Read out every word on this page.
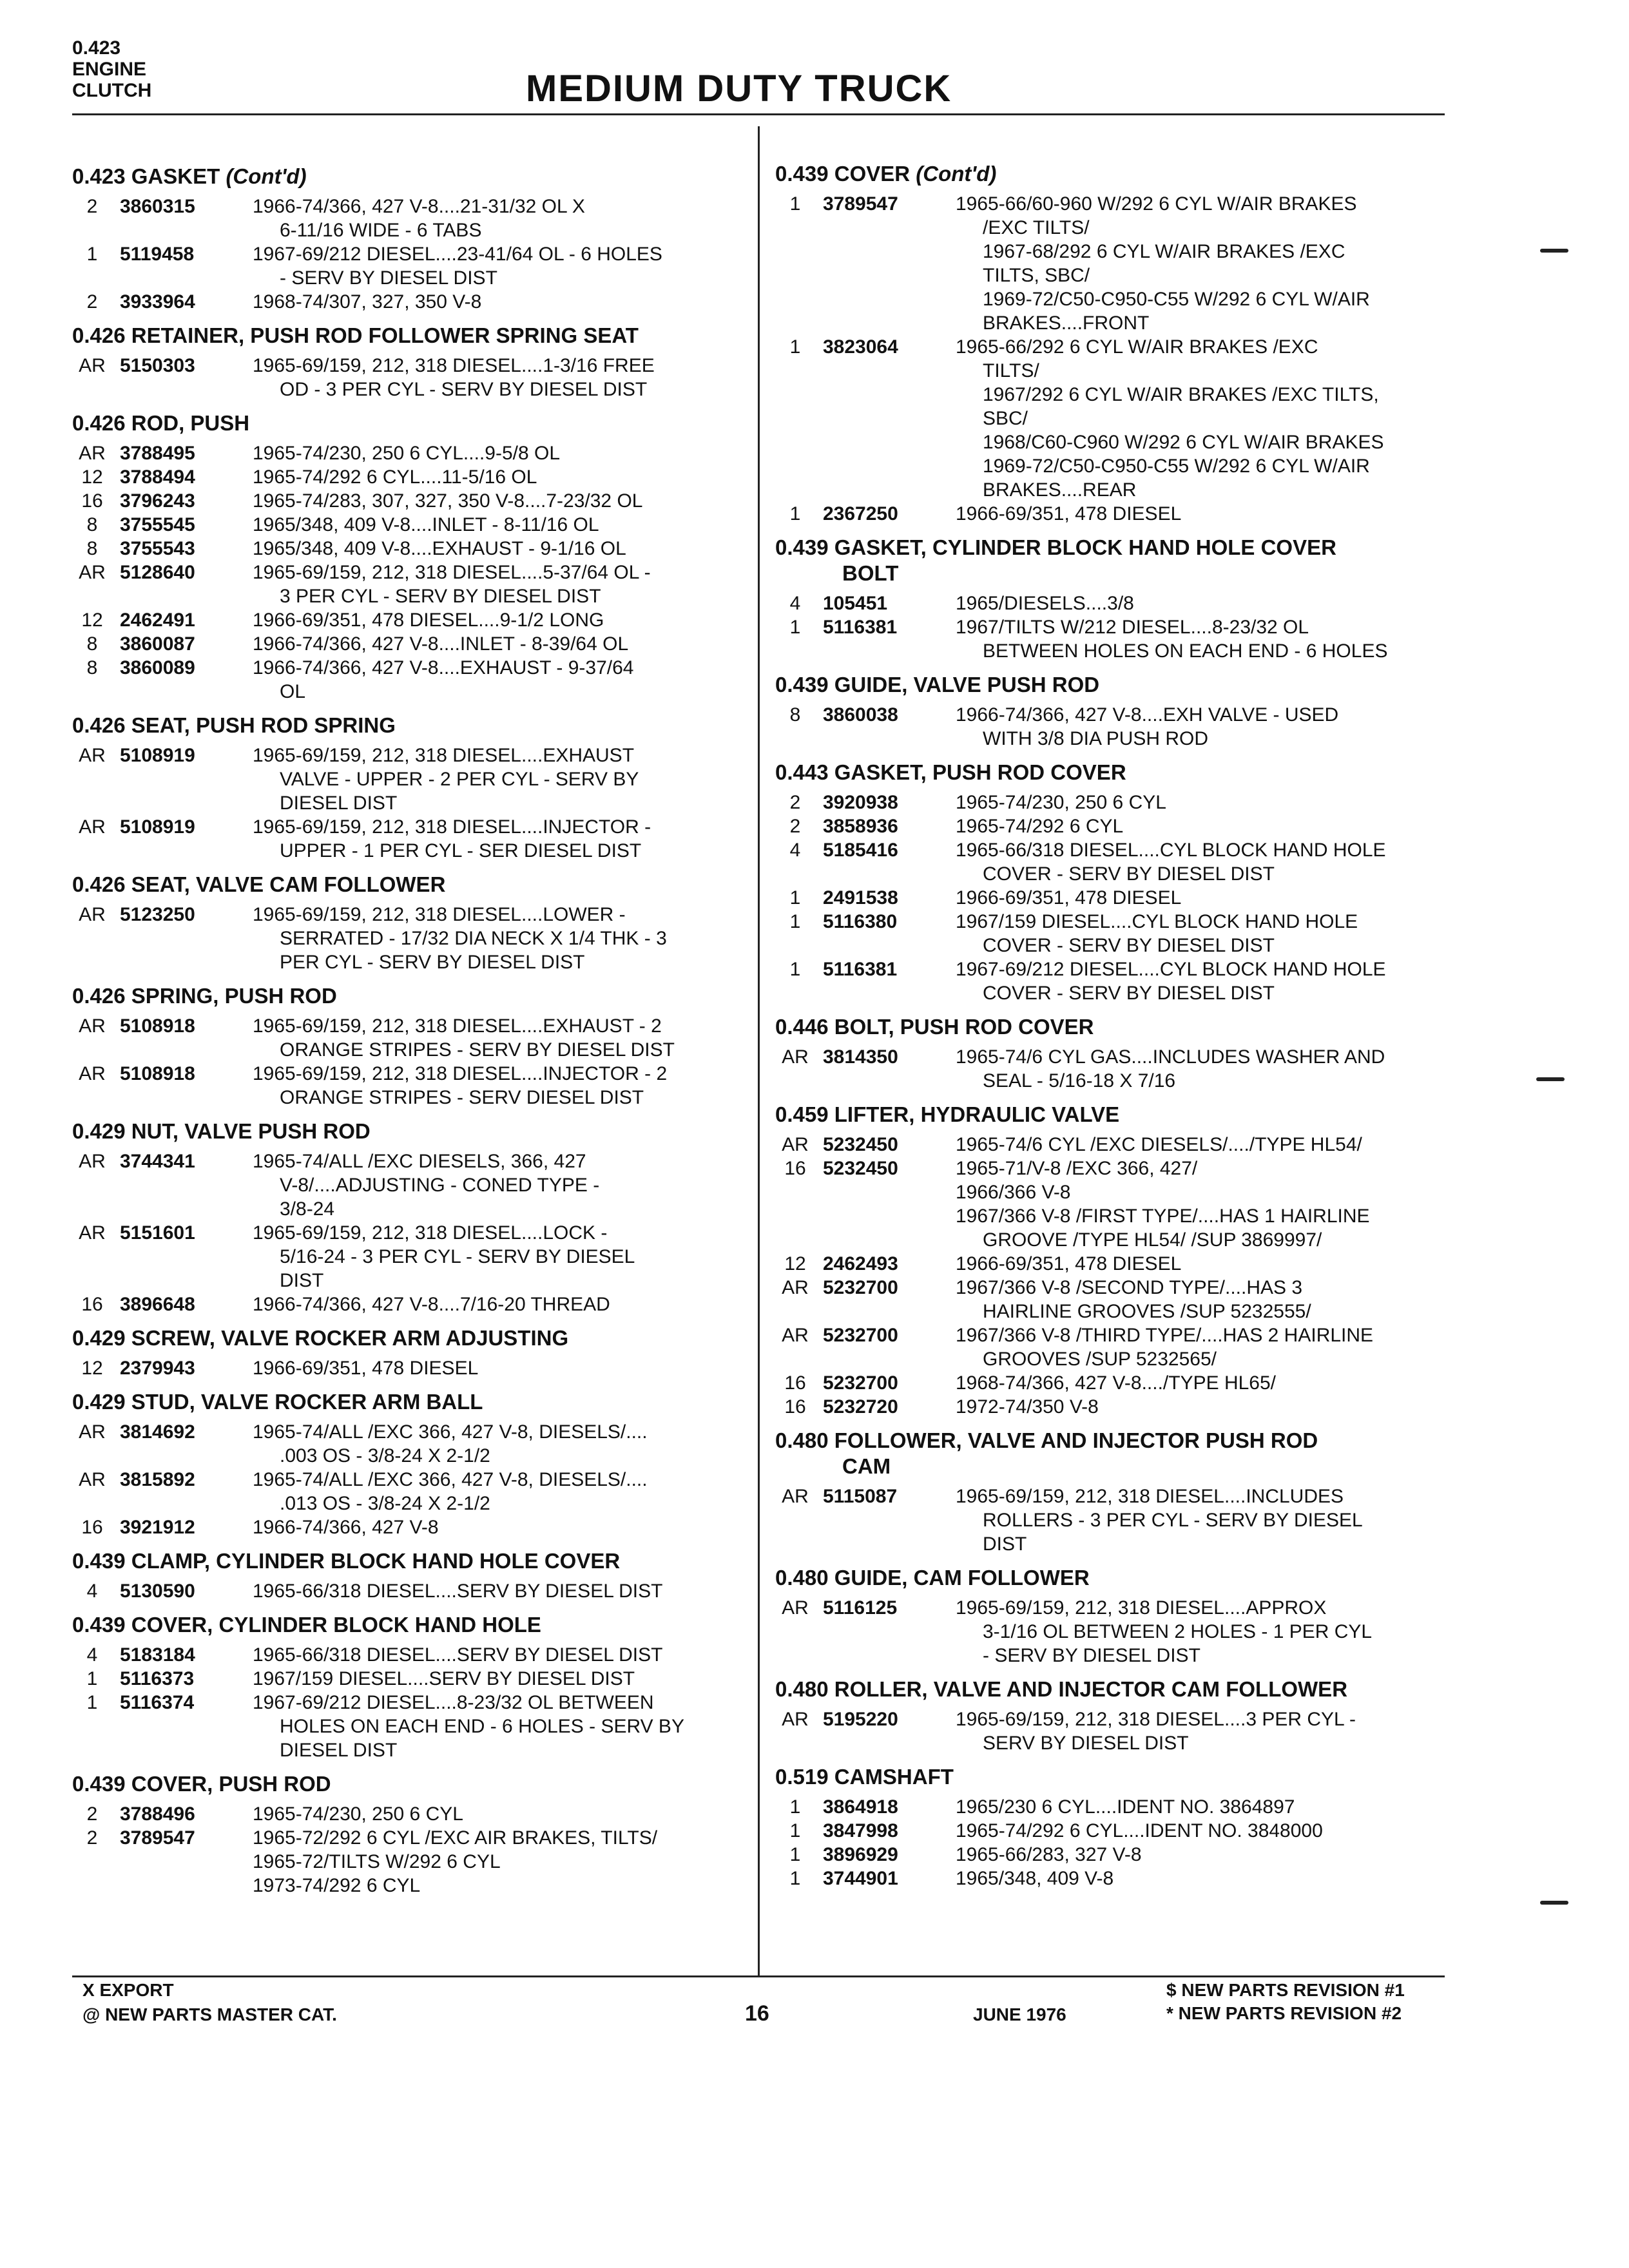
0.423
ENGINE
CLUTCH	MEDIUM DUTY TRUCK
0.423 GASKET (Cont'd)
2	3860315	1966-74/366, 427 V-8....21-31/32 OL X
6-11/16 WIDE - 6 TABS
1	5119458	1967-69/212 DIESEL....23-41/64 OL - 6 HOLES
- SERV BY DIESEL DIST
2	3933964	1968-74/307, 327, 350 V-8
0.426 RETAINER, PUSH ROD FOLLOWER SPRING SEAT
AR 5150303	1965-69/159, 212, 318 DIESEL....1-3/16 FREE
OD - 3 PER CYL - SERV BY DIESEL DIST
0.426 ROD, PUSH
AR 3788495	1965-74/230, 250 6 CYL....9-5/8 OL
12 3788494	1965-74/292 6 CYL....11-5/16 OL
16 3796243	1965-74/283, 307, 327, 350 V-8....7-23/32 OL
8	3755545	1965/348, 409 V-8....INLET - 8-11/16 OL
8	3755543	1965/348, 409 V-8....EXHAUST - 9-1/16 OL
AR 5128640	1965-69/159, 212, 318 DIESEL....5-37/64 OL -
3 PER CYL - SERV BY DIESEL DIST
12 2462491	1966-69/351, 478 DIESEL....9-1/2 LONG
8	3860087	1966-74/366, 427 V-8....INLET - 8-39/64 OL
8	3860089	1966-74/366, 427 V-8....EXHAUST - 9-37/64
OL
0.426 SEAT, PUSH ROD SPRING
AR 5108919	1965-69/159, 212, 318 DIESEL....EXHAUST
VALVE - UPPER - 2 PER CYL - SERV BY
DIESEL DIST
AR 5108919	1965-69/159, 212, 318 DIESEL....INJECTOR -
UPPER - 1 PER CYL - SER DIESEL DIST
0.426 SEAT, VALVE CAM FOLLOWER
AR 5123250	1965-69/159, 212, 318 DIESEL....LOWER -
SERRATED - 17/32 DIA NECK X 1/4 THK - 3
PER CYL - SERV BY DIESEL DIST
0.426 SPRING, PUSH ROD
AR 5108918	1965-69/159, 212, 318 DIESEL....EXHAUST - 2
ORANGE STRIPES - SERV BY DIESEL DIST
AR 5108918	1965-69/159, 212, 318 DIESEL....INJECTOR - 2
ORANGE STRIPES - SERV DIESEL DIST
0.429 NUT, VALVE PUSH ROD
AR 3744341	1965-74/ALL /EXC DIESELS, 366, 427
V-8/....ADJUSTING - CONED TYPE -
3/8-24
AR 5151601	1965-69/159, 212, 318 DIESEL....LOCK -
5/16-24 - 3 PER CYL - SERV BY DIESEL
DIST
16 3896648	1966-74/366, 427 V-8....7/16-20 THREAD
0.429 SCREW, VALVE ROCKER ARM ADJUSTING
12 2379943	1966-69/351, 478 DIESEL
0.429 STUD, VALVE ROCKER ARM BALL
AR 3814692	1965-74/ALL /EXC 366, 427 V-8, DIESELS/....
.003 OS - 3/8-24 X 2-1/2
AR 3815892	1965-74/ALL /EXC 366, 427 V-8, DIESELS/....
.013 OS - 3/8-24 X 2-1/2
16 3921912	1966-74/366, 427 V-8
0.439 CLAMP, CYLINDER BLOCK HAND HOLE COVER
4	5130590	1965-66/318 DIESEL....SERV BY DIESEL DIST
0.439 COVER, CYLINDER BLOCK HAND HOLE
4	5183184	1965-66/318 DIESEL....SERV BY DIESEL DIST
1	5116373	1967/159 DIESEL....SERV BY DIESEL DIST
1	5116374	1967-69/212 DIESEL....8-23/32 OL BETWEEN
HOLES ON EACH END - 6 HOLES - SERV BY
DIESEL DIST
0.439 COVER, PUSH ROD
2	3788496	1965-74/230, 250 6 CYL
2	3789547	1965-72/292 6 CYL /EXC AIR BRAKES, TILTS/
1965-72/TILTS W/292 6 CYL
1973-74/292 6 CYL
0.439 COVER (Cont'd)
1	3789547	1965-66/60-960 W/292 6 CYL W/AIR BRAKES
/EXC TILTS/
1967-68/292 6 CYL W/AIR BRAKES /EXC
TILTS, SBC/
1969-72/C50-C950-C55 W/292 6 CYL W/AIR
BRAKES....FRONT
1	3823064	1965-66/292 6 CYL W/AIR BRAKES /EXC
TILTS/
1967/292 6 CYL W/AIR BRAKES /EXC TILTS,
SBC/
1968/C60-C960 W/292 6 CYL W/AIR BRAKES
1969-72/C50-C950-C55 W/292 6 CYL W/AIR
BRAKES....REAR
1	2367250	1966-69/351, 478 DIESEL
0.439 GASKET, CYLINDER BLOCK HAND HOLE COVER
BOLT
4	105451	1965/DIESELS....3/8
1	5116381	1967/TILTS W/212 DIESEL....8-23/32 OL
BETWEEN HOLES ON EACH END - 6 HOLES
0.439 GUIDE, VALVE PUSH ROD
8	3860038	1966-74/366, 427 V-8....EXH VALVE - USED
WITH 3/8 DIA PUSH ROD
0.443 GASKET, PUSH ROD COVER
2	3920938	1965-74/230, 250 6 CYL
2	3858936	1965-74/292 6 CYL
4	5185416	1965-66/318 DIESEL....CYL BLOCK HAND HOLE
COVER - SERV BY DIESEL DIST
1	2491538	1966-69/351, 478 DIESEL
1	5116380	1967/159 DIESEL....CYL BLOCK HAND HOLE
COVER - SERV BY DIESEL DIST
1	5116381	1967-69/212 DIESEL....CYL BLOCK HAND HOLE
COVER - SERV BY DIESEL DIST
0.446 BOLT, PUSH ROD COVER
AR 3814350	1965-74/6 CYL GAS....INCLUDES WASHER AND
SEAL - 5/16-18 X 7/16
0.459 LIFTER, HYDRAULIC VALVE
AR 5232450	1965-74/6 CYL /EXC DIESELS/..../TYPE HL54/
16 5232450	1965-71/V-8 /EXC 366, 427/
1966/366 V-8
1967/366 V-8 /FIRST TYPE/....HAS 1 HAIRLINE
GROOVE /TYPE HL54/ /SUP 3869997/
12 2462493	1966-69/351, 478 DIESEL
AR 5232700	1967/366 V-8 /SECOND TYPE/....HAS 3
HAIRLINE GROOVES /SUP 5232555/
AR 5232700	1967/366 V-8 /THIRD TYPE/....HAS 2 HAIRLINE
GROOVES /SUP 5232565/
16 5232700	1968-74/366, 427 V-8..../TYPE HL65/
16 5232720	1972-74/350 V-8
0.480 FOLLOWER, VALVE AND INJECTOR PUSH ROD
CAM
AR 5115087	1965-69/159, 212, 318 DIESEL....INCLUDES
ROLLERS - 3 PER CYL - SERV BY DIESEL
DIST
0.480 GUIDE, CAM FOLLOWER
AR 5116125	1965-69/159, 212, 318 DIESEL....APPROX
3-1/16 OL BETWEEN 2 HOLES - 1 PER CYL
- SERV BY DIESEL DIST
0.480 ROLLER, VALVE AND INJECTOR CAM FOLLOWER
AR 5195220	1965-69/159, 212, 318 DIESEL....3 PER CYL -
SERV BY DIESEL DIST
0.519 CAMSHAFT
1	3864918	1965/230 6 CYL....IDENT NO. 3864897
1	3847998	1965-74/292 6 CYL....IDENT NO. 3848000
1	3896929	1965-66/283, 327 V-8
1	3744901	1965/348, 409 V-8
X EXPORT
@ NEW PARTS MASTER CAT.	16	JUNE 1976
$ NEW PARTS REVISION #1
* NEW PARTS REVISION #2
